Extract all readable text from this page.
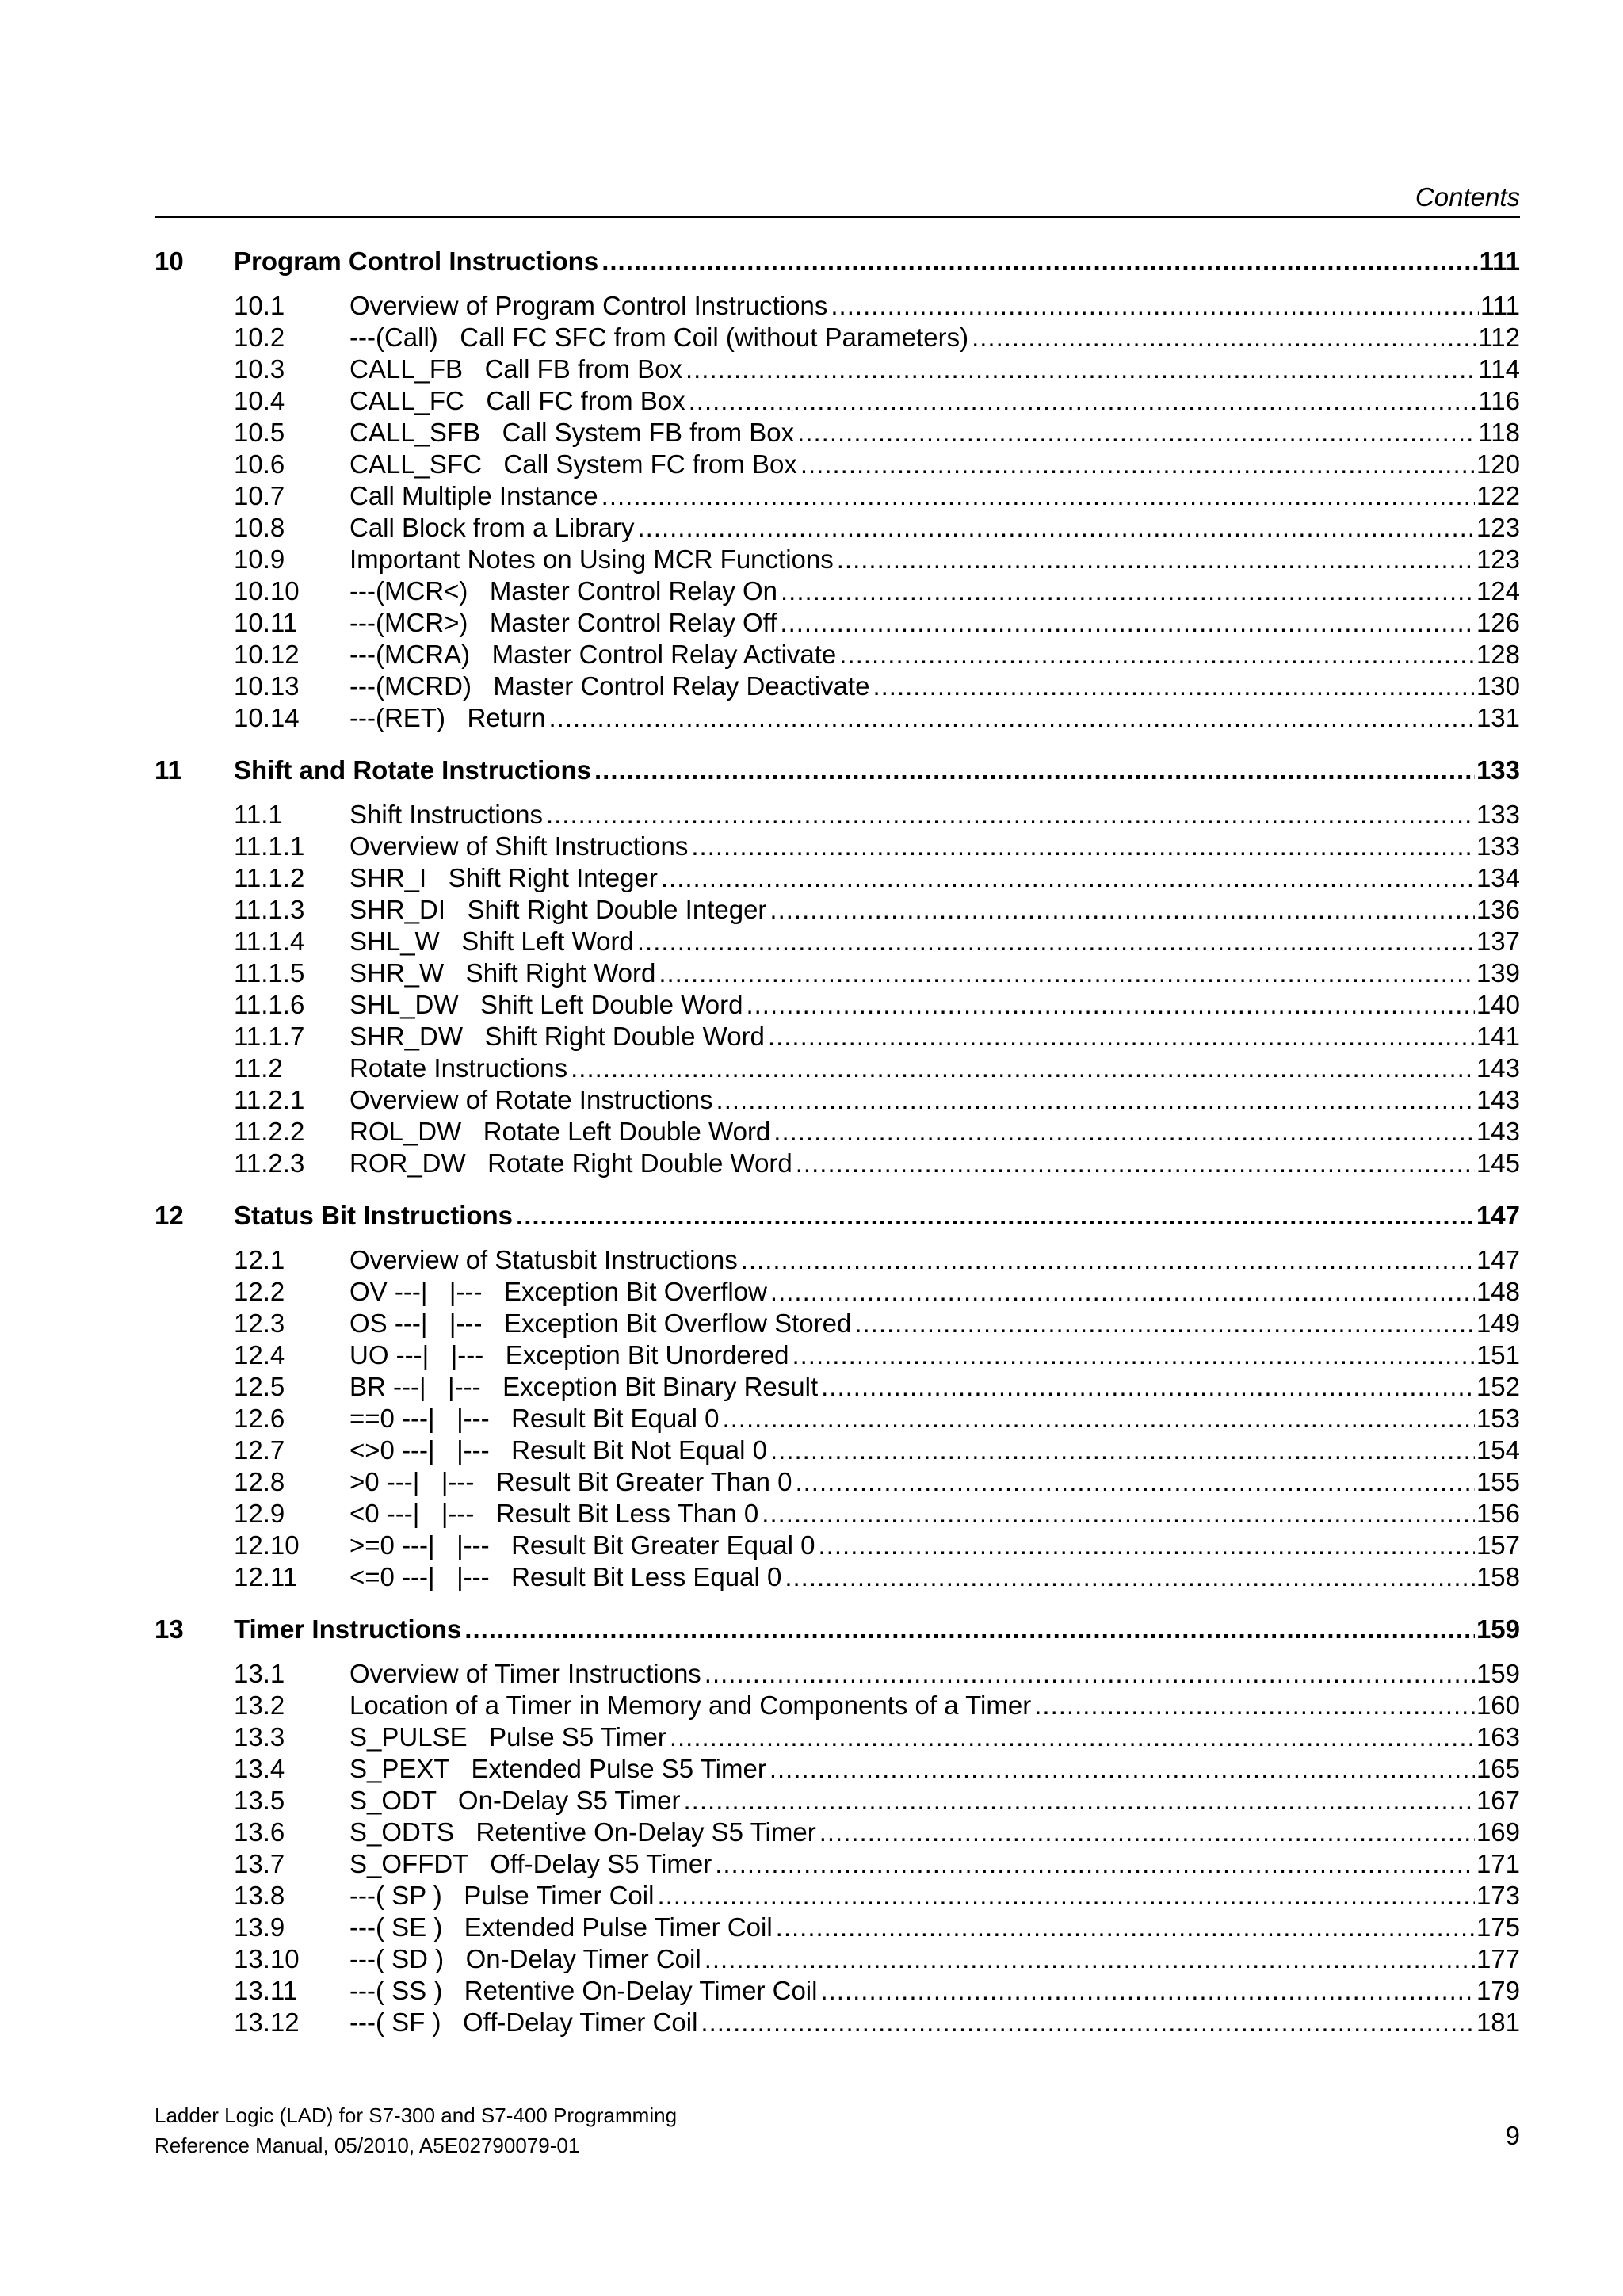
Contents
10	Program Control Instructions .....	111
10.1	Overview of Program Control Instructions .....	111
10.2	---(Call)   Call FC SFC from Coil (without Parameters) .....	112
10.3	CALL_FB   Call FB from Box .....	114
10.4	CALL_FC   Call FC from Box .....	116
10.5	CALL_SFB   Call System FB from Box .....	118
10.6	CALL_SFC   Call System FC from Box .....	120
10.7	Call Multiple Instance .....	122
10.8	Call Block from a Library .....	123
10.9	Important Notes on Using MCR Functions .....	123
10.10	---(MCR<)   Master Control Relay On .....	124
10.11	---(MCR>)   Master Control Relay Off .....	126
10.12	---(MCRA)   Master Control Relay Activate .....	128
10.13	---(MCRD)   Master Control Relay Deactivate .....	130
10.14	---(RET)   Return .....	131
11	Shift and Rotate Instructions .....	133
11.1	Shift Instructions .....	133
11.1.1	Overview of Shift Instructions .....	133
11.1.2	SHR_I   Shift Right Integer .....	134
11.1.3	SHR_DI   Shift Right Double Integer .....	136
11.1.4	SHL_W   Shift Left Word .....	137
11.1.5	SHR_W   Shift Right Word .....	139
11.1.6	SHL_DW   Shift Left Double Word .....	140
11.1.7	SHR_DW   Shift Right Double Word .....	141
11.2	Rotate Instructions .....	143
11.2.1	Overview of Rotate Instructions .....	143
11.2.2	ROL_DW   Rotate Left Double Word .....	143
11.2.3	ROR_DW   Rotate Right Double Word .....	145
12	Status Bit Instructions .....	147
12.1	Overview of Statusbit Instructions .....	147
12.2	OV ---|   |---   Exception Bit Overflow .....	148
12.3	OS ---|   |---   Exception Bit Overflow Stored .....	149
12.4	UO ---|   |---   Exception Bit Unordered .....	151
12.5	BR ---|   |---   Exception Bit Binary Result .....	152
12.6	==0 ---|   |---   Result Bit Equal 0 .....	153
12.7	<>0 ---|   |---   Result Bit Not Equal 0 .....	154
12.8	>0 ---|   |---   Result Bit Greater Than 0 .....	155
12.9	<0 ---|   |---   Result Bit Less Than 0 .....	156
12.10	>=0 ---|   |---   Result Bit Greater Equal 0 .....	157
12.11	<=0 ---|   |---   Result Bit Less Equal 0 .....	158
13	Timer Instructions .....	159
13.1	Overview of Timer Instructions .....	159
13.2	Location of a Timer in Memory and Components of a Timer .....	160
13.3	S_PULSE   Pulse S5 Timer .....	163
13.4	S_PEXT   Extended Pulse S5 Timer .....	165
13.5	S_ODT   On-Delay S5 Timer .....	167
13.6	S_ODTS   Retentive On-Delay S5 Timer .....	169
13.7	S_OFFDT   Off-Delay S5 Timer .....	171
13.8	---( SP )   Pulse Timer Coil .....	173
13.9	---( SE )   Extended Pulse Timer Coil .....	175
13.10	---( SD )   On-Delay Timer Coil .....	177
13.11	---( SS )   Retentive On-Delay Timer Coil .....	179
13.12	---( SF )   Off-Delay Timer Coil .....	181
Ladder Logic (LAD) for S7-300 and S7-400 Programming
Reference Manual, 05/2010, A5E02790079-01	9
